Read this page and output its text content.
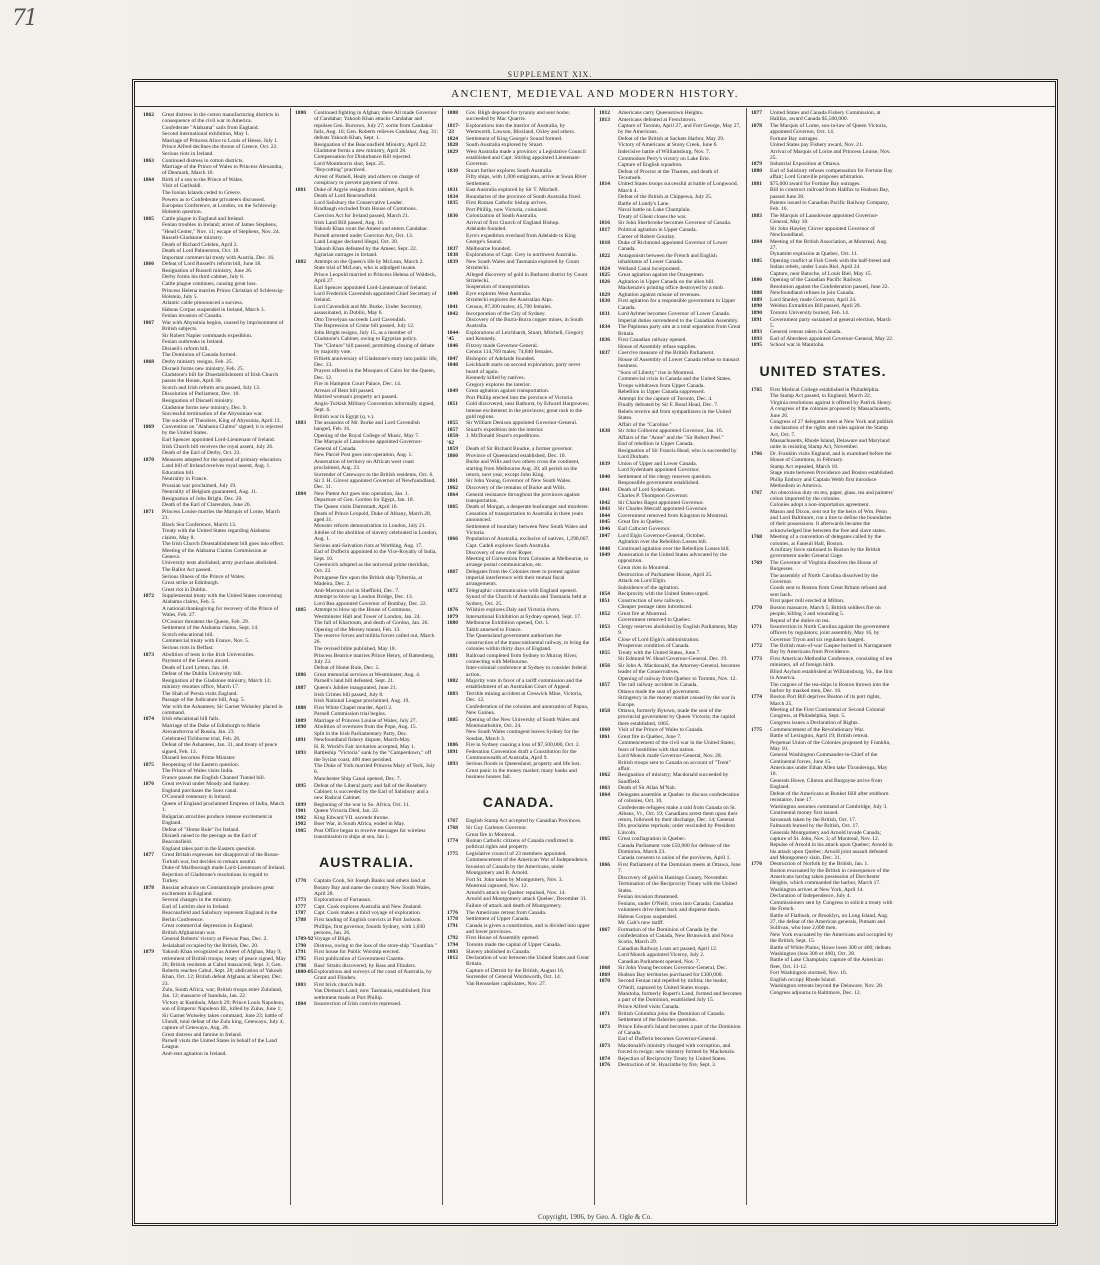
71
SUPPLEMENT XIX.
ANCIENT, MEDIEVAL AND MODERN HISTORY.
1862	Great distress in the cotton manufacturing districts in consequence of the civil war in America.
Confederate "Alabama" sails from England.
Second international exhibition, May 1.
Marriage of Princess Alice to Louis of Hesse, July 1.
Prince Alfred declines the throne of Greece, Oct. 22.
Serious riots in Ireland.
1863	Continued distress in cotton districts.
Marriage of the Prince of Wales to Princess Alexandra, of Denmark, March 10.
1864	Birth of a son to the Prince of Wales.
Visit of Garibaldi.
The Ionian Islands ceded to Greece.
Powers as to Confederate privateers discussed.
European Conference, at London, on the Schleswig-Holstein question.
1865	Cattle plague in England and Ireland.
Fenian troubles in Ireland; arrest of James Stephens, "Head Center," Nov. 11; escape of Stephens, Nov. 24.
Russell-Gladstone ministry.
Death of Richard Cobden, April 2.
Death of Lord Palmerston, Oct. 18.
Important commercial treaty with Austria, Dec. 16.
1866	Defeat of Lord Russell's reform bill, June 18.
Resignation of Russell ministry, June 26.
Derby forms his third cabinet, July 6.
Cattle plague continues, causing great loss.
Princess Helena marries Prince Christian of Schleswig-Holstein, July 5.
Atlantic cable pronounced a success.
Habeas Corpus suspended in Ireland, March 3.
Fenian invasion of Canada.
1867	War with Abyssinia begins, caused by imprisonment of British subjects.
Sir Robert Napier commands expedition.
Fenian outbreaks in Ireland.
Disraeli's reform bill.
The Dominion of Canada formed.
1868	Derby ministry resigns, Feb. 25.
Disraeli forms new ministry, Feb. 25.
Gladstone's bill for Disestablishment of Irish Church passes the House, April 30.
Scotch and Irish reform acts passed, July 13.
Dissolution of Parliament, Dec. 10.
Resignation of Disraeli ministry.
Gladstone forms new ministry, Dec. 9.
Successful termination of the Abyssinian war.
The suicide of Theodore, King of Abyssinia, April 13.
1869	Convention on "Alabama Claims" signed; it is rejected by the United States.
Earl Spencer appointed Lord-Lieutenant of Ireland.
Irish Church bill receives the royal assent, July 26.
Death of the Earl of Derby, Oct. 23.
1870	Measures adopted for the spread of primary education.
Land bill of Ireland receives royal assent, Aug. 1.
Education bill.
Neutrality in France.
Prussian war proclaimed, July 19.
Neutrality of Belgium guaranteed, Aug. 11.
Resignation of John Bright, Dec. 20.
Death of the Earl of Clarendon, June 26.
1871	Princess Louise marries the Marquis of Lorne, March 21.
Black Sea Conference, March 13.
Treaty with the United States regarding Alabama claims, May 8.
The Irish Church Disestablishment bill goes into effect.
Meeting of the Alabama Claims Commission at Geneva.
University tests abolished; army purchase abolished.
The Ballot Act passed.
Serious illness of the Prince of Wales.
Great strike at Edinburgh.
Great riot in Dublin.
1872	Supplemental treaty with the United States concerning Alabama claims, Feb. 5.
A national thanksgiving for recovery of the Prince of Wales, Feb. 27.
O'Connor threatens the Queen, Feb. 29.
Settlement of the Alabama claims, Sept. 14.
Scotch educational bill.
Commercial treaty with France, Nov. 5.
Serious riots in Belfast.
1873	Abolition of tests in the Irish Universities.
Payment of the Geneva award.
Death of Lord Lytton, Jan. 18.
Defeat of the Dublin University bill.
Resignation of the Gladstone ministry, March 13; ministry resumes office, March 17.
The Shah of Persia visits England.
Passage of the Judicature bill, Aug. 5.
War with the Ashantees; Sir Garnet Wolseley placed in command.
1874	Irish educational bill fails.
Marriage of the Duke of Edinburgh to Marie Alexandrovna of Russia, Jan. 23.
Celebrated Tichborne trial, Feb. 28.
Defeat of the Ashantees, Jan. 31, and treaty of peace signed, Feb. 13.
Disraeli becomes Prime Minister.
1875	Reopening of the Eastern question.
The Prince of Wales visits India.
France passes the English Channel Tunnel bill.
1876	Great revival under Moody and Sankey.
England purchases the Suez canal.
O'Connell centenary in Ireland.
Queen of England proclaimed Empress of India, March 1.
Bulgarian atrocities produce intense excitement in England.
Defeat of "Home Rule" for Ireland.
Disraeli raised to the peerage as the Earl of Beaconsfield.
England takes part in the Eastern question.
1877	Great Britain expresses her disapproval of the Russo-Turkish war, but decides to remain neutral.
Duke of Marlborough made Lord-Lieutenant of Ireland.
Rejection of Gladstone's resolutions in regard to Turkey.
1878	Russian advance on Constantinople produces great excitement in England.
Several changes in the ministry.
Earl of Leitrim shot in Ireland.
Beaconsfield and Salisbury represent England in the Berlin Conference.
Great commercial depression in England.
British Afghanistan war.
General Roberts' victory at Piewas Pass, Dec. 2.
Jeslalabad occupied by the British, Dec. 20.
1879	Yakoob Khan recognized as Ameer of Afghan, May 9; retirement of British troops; treaty of peace signed, May 26; British residents at Cabul massacred, Sept. 3; Gen. Roberts reaches Cabul, Sept. 28; abdication of Yakoob Khan, Oct. 12; British defeat Afghans at Sherpur, Dec. 23.
Zulu, South Africa, war; British troops enter Zululand, Jan. 12; massacre of Isandula, Jan. 22.
Victory at Kambula, March 29; Prince Louis Napoleon, son of Emperor Napoleon III., killed by Zulus, June 1; Sir Garnet Wolseley takes command, June 23; battle of Ulundi, total defeat of the Zulu king, Cetewayo, July 4; capture of Cetewayo, Aug. 28.
Great distress and famine in Ireland.
Parnell visits the United States in behalf of the Land League.
Anti-rent agitation in Ireland.
1880	Continued fighting in Afghan; there All made Governor of Candahar; Yakoob Khan attacks Candahar and repulses Gen. Burrows, July 27; sortie from Candahar fails, Aug. 16; Gen. Roberts relieves Candahar, Aug. 31; defeats Yakoob Khan, Sept. 1.
Resignation of the Beaconsfield Ministry, April 22; Gladstone forms a new ministry, April 28.
Compensation for Disturbance Bill rejected.
Lord Montmorris shot, Sept. 25.
"Boycotting" practiced.
Arrest of Parnell, Healy and others on charge of conspiracy to prevent payment of rent.
1881	Duke of Argyle resigns from cabinet, April 8.
Death of Lord Beaconsfield.
Lord Salisbury the Conservative Leader.
Bradlaugh excluded from House of Commons.
Coercion Act for Ireland passed, March 21.
Irish Land Bill passed, Aug. 16.
Yakoob Khan routs the Ameer and enters Candahar.
Parnell arrested under Coercion Act, Oct. 13.
Land League declared illegal, Oct. 20.
Yakoob Khan defeated by the Ameer, Sept. 22.
Agrarian outrages in Ireland.
1882	Attempt on the Queen's life by McLean, March 2.
State trial of McLean, who is adjudged insane.
Prince Leopold married to Princess Helena of Waldeck, April 27.
Earl Spencer appointed Lord-Lieutenant of Ireland.
Lord Frederick Cavendish appointed Chief Secretary of Ireland.
Lord Cavendish and Mr. Burke, Under Secretary, assassinated, in Dublin, May 6.
Otto Trevelyan succeeds Lord Cavendish.
The Repression of Crime bill passed, July 12.
John Bright resigns, July 15, as a member of Gladstone's Cabinet, owing to Egyptian policy.
The "Cloture" bill passed, permitting closing of debate by majority vote.
Fiftieth anniversary of Gladstone's entry into public life, Dec. 13.
Prayers offered in the Mosques of Cairo for the Queen, Dec. 12.
Fire in Hampton Court Palace, Dec. 14.
Arrears of Rent bill passed.
Married woman's property act passed.
Anglo-Turkish Military Convention informally signed, Sept. 6.
British war in Egypt (q. v.).
1883	The assassins of Mr. Burke and Lord Cavendish hanged, Feb. 16.
Opening of the Royal College of Music, May 7.
The Marquis of Lansdowne appointed Governor-General of Canada.
New Parcel Post goes into operation, Aug. 1.
Annexation of territory on African west coast proclaimed, Aug. 23.
Surrender of Cetewayo to the British residents, Oct. 6.
Sir J. H. Glover appointed Governor of Newfoundland, Dec. 11.
1884	New Patent Act goes into operation, Jan. 1.
Departure of Gen. Gordon for Egypt, Jan. 18.
The Queen visits Darmstadt, April 16.
Death of Prince Leopold, Duke of Albany, March 28, aged 31.
Monster reform demonstration in London, July 21.
Jubilee of the abolition of slavery celebrated in London, Aug. 1.
Serious anti-Salvation riots at Worthing, Aug. 17.
Earl of Dufferin appointed to the Vice-Royalty of India, Sept. 10.
Greenwich adopted as the universal prime meridian, Oct. 22.
Portuguese fire upon the British ship Tybernia, at Madeira, Dec. 2.
Anti-Mormon riot in Sheffield, Dec. 7.
Attempt to blow up London Bridge, Dec. 13.
Lord Rea appointed Governor of Bombay, Dec. 22.
1885	Attempt to blow up the House of Commons, Westminster Hall and Tower of London, Jan. 24.
The fall of Khartoum, and death of Gordon, Jan. 26.
Opening of the Mersey tunnel, Feb. 13.
The reserve forces and militia forces called out, March 26.
The revised bible published, May 18.
Princess Beatrice marries Prince Henry, of Battenberg, July 23.
Defeat of Home Rule, Dec. 5.
1886	Great memorial services at Westminster, Aug. 4.
Parnell's land bill defeated, Sept. 21.
1887	Queen's Jubilee inaugurated, June 21.
Irish Crimes bill passed, July 8.
Irish National League proclaimed, Aug. 19.
1888	First White Chapel murder, April 2.
Parnell Commission trial begins.
1889	Marriage of Princess Louise of Wales, July 27.
1890	Abolition of overtures from the Pope, Aug. 15.
Split in the Irish Parliamentary Party, Dec.
1891	Newfoundland fishery dispute, March-May.
H. R. World's Fair invitation accepted, May 1.
1893	Battleship "Victoria" sunk by the "Camperdown," off the Syrian coast, 400 men perished.
The Duke of York married Princess Mary of Teck, July 6.
Manchester Ship Canal opened, Dec. 7.
1895	Defeat of the Liberal party and fall of the Rosebery Cabinet; is succeeded by the Earl of Salisbury and a new Radical Cabinet.
1899	Beginning of the war in So. Africa, Oct. 11.
1901	Queen Victoria Died, Jan. 22.
1902	King Edward VII. ascends throne.
1902	Boer War, in South Africa, ended in May.
1905	Post Office began to receive messages for wireless transmission to ships at sea, Jan 1.
AUSTRALIA.
1770	Captain Cook, Sir Joseph Banks and others land at Botany Bay and name the country New South Wales, April 28.
1773	Explorations of Furneaux.
1777	Capt. Cook explores Australia and New Zealand.
1787	Capt. Cook makes a third voyage of exploration.
1788	First landing of English convicts at Port Jackson.
Phillips, first governor, founds Sydney, with 1,030 persons, Jan. 26.
1789-92 Voyage of Bligh.
1790	Distress, owing to the loss of the store-ship "Guardian."
1791	First house for Public Worship erected.
1795	First publication of Government Gazette.
1798	Bass' Straits discovered, by Bass and Flinders.
1800-05 Explorations and surveys of the coast of Australia, by Grant and Flinders.
1803	First brick church built.
Van Dieman's Land, now Tasmania, established; first settlement made at Port Phillip.
1804	Insurrection of Irish convicts repressed.
1808	Gov. Bligh deposed for tyranny and sent home; succeeded by Mac Quarrie.
1817-'23
Explorations into the interior of Australia, by Wentworth, Lawson, Bloxland, Oxley and others.
1824	Settlement of King George's Sound formed.
1828	South Australia explored by Stuart.
1829	West Australia made a province; a Legislative Council established and Capt. Stirling appointed Lieutenant-Governor.
1830	Stuart further explores South Australia.
Fifty ships, with 1,000 emigrants, arrive at Swan River Settlement.
1831	East Australia explored by Sir T. Mitchell.
1834	Boundaries of the province of South Australia fixed.
1835	First Roman Catholic bishop arrives.
Port Phillip, now Victoria, colonized.
1836	Colonization of South Australia.
Arrival of first Church of England Bishop.
Adelaide founded.
Eyre's expedition overland from Adelaide to King George's Sound.
1837	Melbourne founded.
1838	Explorations of Capt. Grey in northwest Australia.
1839	New South Wales and Tasmania explored by Count Strzelecki.
Alleged discovery of gold in Bathurst district by Count Strzelecki.
Suspension of transportation.
1840	Eyre explores West Australia.
Strzelecki explores the Australian Alps.
1841	Census, 87,200 males; 45,700 females.
1842	Incorporation of the City of Sydney.
Discovery of the Burra-Burra copper mines, in South Australia.
1844-'45
Explorations of Leichhardt, Stuart, Mitchell, Gregory and Kennedy.
1846	Fitzroy made Governor-General.
Census 114,769 males; 74,840 females.
1847	Bishopric of Adelaide founded.
1848	Leichhardt starts on second exploration; party never heard of again.
Kennedy killed by natives.
Gregory explores the interior.
1849	Great agitation against transportation.
Port Phillip erected into the province of Victoria.
1851	Gold discovered, near Bathurst, by Edward Hargreaves; intense excitement in the provinces; great rush to the gold regions.
1855	Sir William Denison appointed Governor-General.
1857	Stuart's expedition into the interior.
1858-'62
J. McDonald Stuart's expeditions.
1859	Death of Sir Richard Bourke, a former governor.
1860	Province of Queensland established, Dec. 10.
Burke and Wills and two others cross the continent, starting from Melbourne Aug. 20; all perish on the return, next year, except John King.
1861	Sir John Young, Governor of New South Wales.
1862	Discovery of the remains of Burke and Wills.
1864	General resistance throughout the provinces against transportation.
1865	Death of Morgan, a desperate bushranger and murderer.
Cessation of transportation to Australia in three years announced.
Settlement of boundary between New South Wales and Victoria.
1866	Population of Australia, exclusive of natives, 1,298,667.
Capt. Cadell explores South Australia.
Discovery of new river Roper.
Meeting of Convention from Colonies at Melbourne, to arrange postal communication, etc.
1867	Delegates from the Colonies meet to protest against imperial interference with their mutual fiscal arrangements.
1872	Telegraphic communication with England opened.
Synod of the Church of Australia and Tasmania held at Sydney, Oct. 25.
1876	Wilshire explores Daly and Victoria rivers.
1879	International Exhibition at Sydney opened, Sept. 17.
1880	Melbourne Exhibition opened, Oct. 1.
Tahiti annexed to France.
The Queensland government authorizes the construction of the transcontinental railway, to bring the colonies within thirty days of England.
1881	Railroad completed from Sydney to Murray River, connecting with Melbourne.
Inter-colonial conference at Sydney to consider federal action.
1882	Majority vote in favor of a tariff commission and the establishment of an Australian Court of Appeal.
1883	Terrible mining accident at Creswick Mine, Victoria, Dec. 12.
Confederation of the colonies and annexation of Papua, New Guinea.
1885	Opening of the New University of South Wales and Monmouthshire, Oct. 24.
New South Wales contingent leaves Sydney for the Soudan, March 3.
1886	Fire in Sydney causing a loss of $7,500,000, Oct. 2.
1891	Federation Convention draft a Constitution for the Commonwealth of Australia, April 9.
1893	Serious floods in Queensland, property and life lost.
Great panic in the money market; many banks and business houses fail.
CANADA.
1767	English Stamp Act accepted by Canadian Provinces.
1768	Sir Guy Carleton Governor.
Great fire in Montreal.
1774	Roman Catholic citizens of Canada confirmed in political rights and property.
1775	Legislative council of 23 members appointed.
Commencement of the American War of Independence.
Invasion of Canada by the Americans, under Montgomery and B. Arnold.
Fort St. John taken by Montgomery, Nov. 3.
Montreal captured, Nov. 12.
Arnold's attack on Quebec repulsed, Nov. 14.
Arnold and Montgomery attack Quebec, December 31.
Failure of attack and death of Montgomery.
1776	The Americans retreat from Canada.
1778	Settlement of Upper Canada.
1791	Canada is given a constitution, and is divided into upper and lower provinces.
1792	First House of Assembly opened.
1794	Toronto made the capital of Upper Canada.
1803	Slavery abolished in Canada.
1812	Declaration of war between the United States and Great Britain.
Capture of Detroit by the British, August 16.
Surrender of General Wordsworth, Oct. 14.
Van Rensselaer capitulates, Nov. 27.
1812	Americans carry Queenstown Heights.
1813	Americans defeated at Frenchtown.
Capture of Toronto, April 27, and Fort George, May 27, by the Americans.
Defeat of the British at Sackets Harbor, May 29.
Victory of Americans at Stony Creek, June 6.
Indecisive battle of Williamsburg, Nov. 7.
Commodore Perry's victory on Lake Erie.
Capture of English squadron.
Defeat of Proctor at the Thames, and death of Tecumseh.
1814	United States troops successful at battle of Longwood, March 4.
Defeat of the British at Chippewa, July 25.
Battle of Lundy's Lane.
Naval battle on Lake Champlain.
Treaty of Ghent closes the war.
1816	Sir John Sherbrooke becomes Governor of Canada.
1817	Political agitation in Upper Canada.
Career of Robert Gourlay.
1818	Duke of Richmond appointed Governor of Lower Canada.
1822	Antagonism between the French and English inhabitants of Lower Canada.
1824	Welland Canal incorporated.
1825	Great agitation against the Orangemen.
1826	Agitation in Upper Canada on the alien bill.
Mackenzie's printing office destroyed by a mob.
1829	Agitation against misuse of revenues.
1830	First agitation for a responsible government in Upper Canada.
1831	Lord Aylmer becomes Governor of Lower Canada.
Imperial duties surrendered to the Canadian Assembly.
1834	The Papineau party aim at a total separation from Great Britain.
1836	First Canadian railway opened.
House of Assembly refuse supplies.
1837	Coercive measure of the British Parliament.
House of Assembly of Lower Canada refuse to transact business.
"Sons of Liberty" rise in Montreal.
Commercial crisis in Canada and the United States.
Troops withdrawn from Upper Canada.
Rebellion in Upper Canada suppressed.
Attempt for the capture of Toronto, Dec. 4.
Finally defeated by Sir F. Bond Head, Dec. 7.
Rebels receive aid from sympathizers in the United States.
Affair of the "Caroline."
1838	Sir John Colborne appointed Governor, Jan. 16.
Affairs of the "Anne" and the "Sir Robert Peel."
End of rebellion in Upper Canada.
Resignation of Sir Francis Head, who is succeeded by Lord Durham.
1839	Union of Upper and Lower Canada.
Lord Sydenham appointed Governor.
1840	Settlement of the clergy reserves question.
Responsible government established.
1841	Death of Lord Sydenham.
Charles P. Thompson Governor.
1842	Sir Charles Bagot appointed Governor.
1843	Sir Charles Metcalf appointed Governor.
1844	Government removed from Kingston to Montreal.
1845	Great fire in Quebec.
1846	Earl Cathcart Governor.
1847	Lord Elgin Governor-General, October.
Agitation over the Rebellion Losses bill.
1848	Continued agitation over the Rebellion Losses bill.
1849	Annexation to the United States advocated by the opposition.
Great riots in Montreal.
Destruction of Parliament House, April 25.
Attack on Lord Elgin.
Subsidence of the agitation.
1854	Reciprocity with the United States urged.
1851	Construction of new railways.
Cheaper postage rates introduced.
1852	Great fire at Montreal.
Government removed to Quebec.
1853	Clergy reserves abolished by English Parliament, May 9.
1854	Close of Lord Elgin's administration.
Prosperous condition of Canada.
1855	Treaty with the United States, June 7.
Sir Edmund W. Head Governor-General, Dec. 19.
1856	Sir John A. Macdonald, the Attorney-General, becomes leader of the Conservatives.
Opening of railway from Quebec to Toronto, Nov. 12.
1857	The rail railway accident in Canada.
Ottawa made the seat of government.
Stringency in the money market caused by the war in Europe.
1858	Ottawa, formerly Bytown, made the seat of the provincial government by Queen Victoria; the capitol there established, 1865.
1860	Visit of the Prince of Wales to Canada.
1861	Great fire in Quebec, June 7.
Commencement of the civil war in the United States; fears of hostilities with that nation.
Lord Monck made Governor-General, Nov. 28.
British troops sent to Canada on account of "Trent" affair.
1862	Resignation of ministry; Macdonald succeeded by Sandfield.
1863	Death of Sir Allan M'Nab.
1864	Delegates assemble at Quebec to discuss confederation of colonies, Oct. 10.
Confederate refugees make a raid from Canada on St. Albans, Vt., Oct. 19; Canadians arrest them upon their return, followed by their discharge, Dec. 14; General Dix proclaims reprisals; order rescinded by President Lincoln.
1865	Great conflagration in Quebec.
Canada Parliament vote £50,000 for defense of the Dominion, March 23.
Canada consents to union of the provinces, April 1.
1866	First Parliament of the Dominion meets at Ottawa, June 7.
Discovery of gold in Hastings County, November.
Termination of the Reciprocity Treaty with the United States.
Fenian invasion threatened.
Fenians, under O'Neill, cross into Canada; Canadian volunteers drive them back and disperse them.
Habeas Corpus suspended.
Mr. Galt's new tariff.
1867	Formation of the Dominion of Canada by the confederation of Canada, New Brunswick and Nova Scotia, March 29.
Canadian Railway Loan act passed, April 12.
Lord Monck appointed Viceroy, July 2.
Canadian Parliament opened, Nov. 7.
1868	Sir John Young becomes Governor-General, Dec.
1869	Hudson Bay territories purchased for £300,000.
1870	Second Fenian raid repelled by militia; the leader, O'Neill, captured by United States troops.
Manitoba, formerly Rupert's Land, formed and becomes a part of the Dominion, established July 15.
Prince Alfred visits Canada.
1871	British Columbia joins the Dominion of Canada.
Settlement of the fisheries question.
1873	Prince Edward's Island becomes a part of the Dominion of Canada.
Earl of Dufferin becomes Governor-General.
1873	Macdonald's ministry charged with corruption, and forced to resign; new ministry formed by Mackenzie.
1874	Rejection of Reciprocity Treaty by United States.
1876	Destruction of St. Hyacinthe by fire, Sept. 3.
1877	United States and Canada Fishery Commission, at Halifax, award Canada $5,500,000.
1878	The Marquis of Lorne, son-in-law of Queen Victoria, appointed Governor, Oct. 14.
Fortune Bay outrages.
United States pay Fishery award, Nov. 21.
Arrival of Marquis of Lorne and Princess Louise, Nov. 25.
1879	Industrial Exposition at Ottawa.
1880	Earl of Salisbury refuses compensation for Fortune Bay affair; Lord Granville proposes arbitration.
1881	$75,000 award for Fortune Bay outrages.
Bill to construct railroad from Halifax to Hudson Bay, passed June 28.
Patents issued to Canadian Pacific Railway Company, Feb. 16.
1883	The Marquis of Lansdowne appointed Governor-General, May 18.
Sir John Hawley Glover appointed Governor of Newfoundland.
1884	Meeting of the British Association, at Montreal, Aug. 27.
Dynamite explosion at Quebec, Oct. 11.
1885	Opening conflict at Fish Creek with the half-breed and Indian rebels, under Louis Riel, April 24.
Capture, near Batoche, of Louis Riel, May 15.
1886	Opening of the Canadian Pacific Railway.
Resolution against the Confederation passed, June 22.
1888	Newfoundland refuses to join Canada.
1889	Lord Stanley made Governor, April 24.
1890	Weldon Extradition Bill passed, April 28.
1890	Toronto University burned, Feb. 14.
1891	Government party sustained at general election, March 5.
1893	General census taken in Canada.
1893	Earl of Aberdeen appointed Governor-General, May 22.
1895	School war in Manitoba.
UNITED STATES.
1765	First Medical College established in Philadelphia.
The Stamp Act passed, in England, March 22.
Virginia resolutions against it offered by Patrick Henry.
A congress of the colonies proposed by Massachusetts, June 26.
Congress of 27 delegates meet at New York and publish a declaration of the rights and rules against the Stamp Act, Oct. 7.
Massachusetts, Rhode Island, Delaware and Maryland unite in resisting Stamp Act, November.
1766	Dr. Franklin visits England, and is examined before the House of Commons, in February.
Stamp Act repealed, March 18.
Stage route between Providence and Boston established.
Philip Embury and Captain Webb first introduce Methodism in America.
1767	An obnoxious duty on tea, paper, glass, tea and painters' colors imported by the colonies.
Colonies adopt a non-importation agreement.
Mason and Dixon, sent out by the heirs of Wm. Penn and Lord Baltimore, run a line to define the boundaries of their possessions. It afterwards became the acknowledged line between the free and slave states.
1768	Meeting of a convention of delegates called by the colonies, at Faneuil Hall, Boston.
A military force stationed in Boston by the British government under General Gage.
1769	The Governor of Virginia dissolves the House of Burgesses.
The assembly of North Carolina dissolved by the Governor.
Goods sent to Boston from Great Britain refused and sent back.
First paper mill erected at Milton.
1770	Boston massacre, March 5; British soldiers fire on people, killing 3 and wounding 5.
Repeal of the duties on tea.
1771	Insurrection in North Carolina against the government officers by regulators; joint assembly, May 16, by Governor Tryon and six regulators hanged.
1772	The British man-of-war Gaspee burned in Narragansett Bay by Americans from Providence.
1773	First American Methodist Conference, consisting of ten ministers, all of foreign birth.
Blind Asylum established at Williamsburg, Va., the first in America.
The cargoes of the tea-ships in Boston thrown into the harbor by masked men, Dec. 16.
1774	Boston Port Bill deprives Boston of its port rights, March 25.
Meeting of the First Continental or Second Colonial Congress, at Philadelphia, Sept. 5.
Congress issues a Declaration of Rights.
1775	Commencement of the Revolutionary War.
Battle of Lexington, April 19; British retreat.
Perpetual Union of the Colonies proposed by Franklin, May 10.
General Washington Commander-in-Chief of the Continental forces, June 15.
Americans under Ethan Allen take Ticonderoga, May 10.
Generals Howe, Clinton and Burgoyne arrive from England.
Defeat of the Americans at Bunker Hill after stubborn resistance, June 17.
Washington assumes command at Cambridge, July 3.
Continental money first issued.
Savannah taken by the British, Oct. 17.
Falmouth burned by the British, Oct. 17.
Generals Montgomery and Arnold invade Canada; capture of St. John, Nov. 3; of Montreal, Nov. 12. Repulse of Arnold in his attack upon Quebec; Arnold in his attack upon Quebec; Arnold joint assault defeated and Montgomery slain, Dec. 31.
1776	Destruction of Norfolk by the British, Jan. 1.
Boston evacuated by the British in consequence of the Americans having taken possession of Dorchester Heights, which commanded the harbor, March 17.
Washington arrives at New York, April 14.
Declaration of Independence, July 4.
Commissioners sent by Congress to solicit a treaty with the French.
Battle of Flatbush, or Brooklyn, on Long Island, Aug. 27, the defeat of the American generals, Putnam and Sullivan, who lose 2,000 men.
New York evacuated by the Americans and occupied by the British, Sept. 15.
Battle of White Plains; Howe loses 300 or 400; defeats Washington (loss 300 or 400), Oct. 28.
Battle of Lake Champlain; capture of the American fleet, Oct. 11-12.
Fort Washington stormed, Nov. 16.
English occupy Rhode Island.
Washington retreats beyond the Delaware, Nov. 28.
Congress adjourns to Baltimore, Dec. 12.
Copyright, 1906, by Geo. A. Ogle & Co.
